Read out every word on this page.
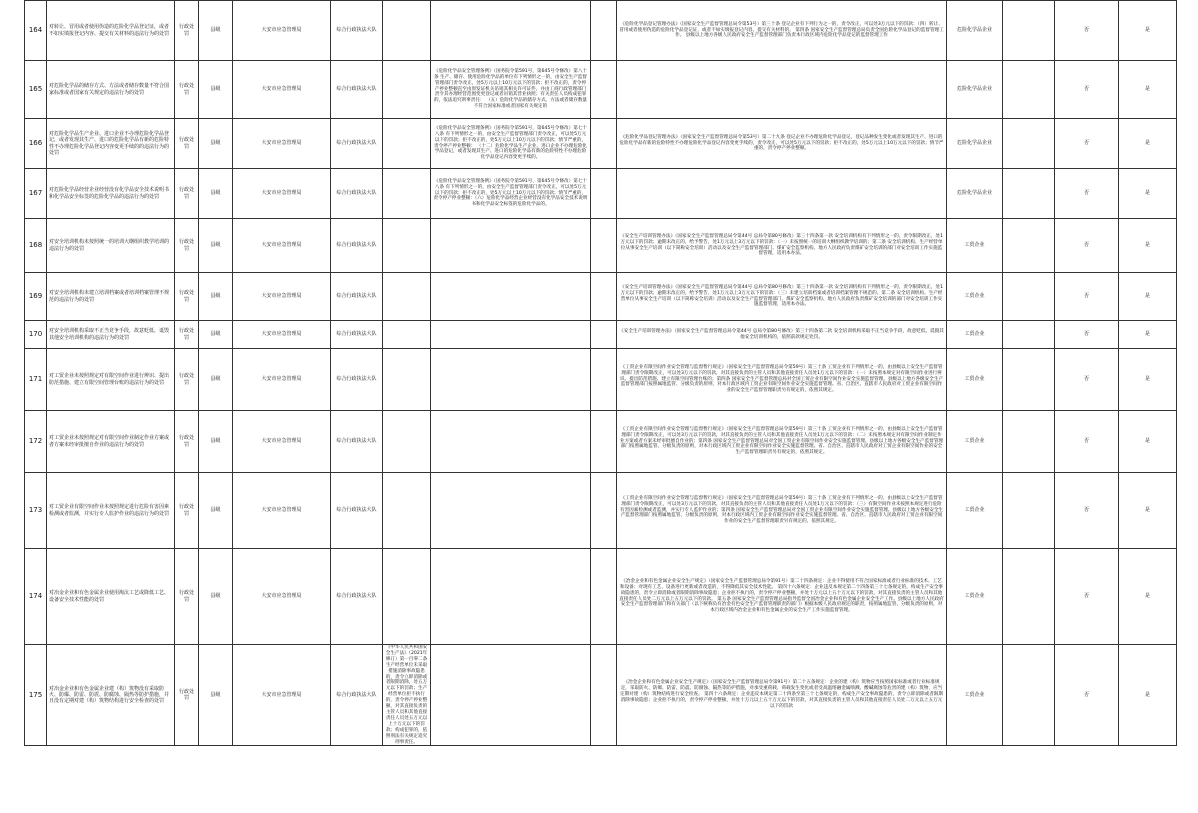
164	对转让、冒用或者使用伪造的危险化学品登记证，或者不如实填报登记内容、提交有关材料的违法行为的处罚	行政处罚	县级	大安市应急管理局	综合行政执法大队				《危险化学品登记管理办法》（国家安全生产监督管理总局令第53号）第三十条 登记企业有下列行为之一的，责令改正，可以处3万元以下的罚款：（四）转让、冒用或者使用伪造的危险化学品登记证，或者不如实填报登记内容、提交有关材料的。 第四条 国家安全生产监督管理总局负责全国危险化学品登记的监督管理工作。 县级以上地方各级人民政府安全生产监督管理部门负责本行政区域内危险化学品登记的监督管理工作	危险化学品企业		否	是
165	对危险化学品的储存方式、方法或者储存数量不符合国家标准或者国家有关规定的违法行为的处罚	行政处罚	县级	大安市应急管理局	综合行政执法大队		《危险化学品安全管理条例》（国务院令第591号，第645号令修改）第八十条 生产、储存、使用危险化学品的单位有下列情形之一的，由安全生产监督管理部门责令改正，处5万元以上10万元以下的罚款；拒不改正的，责令停产停业整顿直至由原发证机关吊销其相关许可证件，并由工商行政管理部门责令其办理经营范围变更登记或者吊销其营业执照；有关责任人员构成犯罪的，依法追究刑事责任： （五）危险化学品的储存方式、方法或者储存数量不符合国家标准或者国家有关规定的			危险化学品企业		否	是
166	对危险化学品生产企业、进口企业不办理危险化学品登记，或者发现其生产、进口的危险化学品有新的危险特性不办理危险化学品登记内容变更手续的的违法行为的处罚	行政处罚	县级	大安市应急管理局	综合行政执法大队		《危险化学品安全管理条例》（国务院令第591号，第645号令修改）第七十八条 有下列情形之一的，由安全生产监督管理部门责令改正，可以处5万元以下的罚款；拒不改正的，处5万元以上10万元以下的罚款；情节严重的，责令停产停业整顿： （十二）危险化学品生产企业、进口企业不办理危险化学品登记，或者发现其生产、进口的危险化学品有新的危险特性不办理危险化学品登记内容变更手续的。		《危险化学品登记管理办法》（国家安全生产监督管理总局令第53号）第二十九条 登记企业不办理危险化学品登记，登记品种发生变化或者发现其生产、进口的危险化学品有新的危险特性不办理危险化学品登记内容变更手续的，责令改正，可以处5万元以下的罚款；拒不改正的，处5万元以上10万元以下的罚款；情节严重的，责令停产停业整顿。	危险化学品企业		否	是
167	对危险化学品经营企业经营没有化学品安全技术说明书和化学品安全标签的危险化学品的违法行为的处罚	行政处罚	县级	大安市应急管理局	综合行政执法大队		《危险化学品安全管理条例》（国务院令第591号，第645号令修改）第七十八条 有下列情形之一的，由安全生产监督管理部门责令改正，可以处5万元以下的罚款；拒不改正的，处5万元以上10万元以下的罚款；情节严重的，责令停产停业整顿：（六）危险化学品经营企业经营没有化学品安全技术说明书和化学品安全标签的危险化学品的。			危险化学品企业		否	是
168	对安全培训机构未按照统一的培训大纲组织教学培训的违法行为的处罚	行政处罚	县级	大安市应急管理局	综合行政执法大队				《安全生产培训管理办法》（国家安全生产监督管理总局令第44号 总局令第80号修改）第三十四条第一款 安全培训机构有下列情形之一的，责令限期改正，处1万元以下的罚款；逾期未改正的，给予警告，处1万元以上3万元以下的罚款：（一）未按照统一的培训大纲组织教学培训的；第二条 安全培训机构、生产经营单位从事安全生产培训（以下简称安全培训）活动以及安全生产监督管理部门、煤矿安全监察机构、地方人民政府负责煤矿安全培训的部门对安全培训工作实施监督管理，适用本办法。	工贸企业		否	是
169	对安全培训机构未建立培训档案或者培训档案管理不规范的违法行为的处罚	行政处罚	县级	大安市应急管理局	综合行政执法大队				《安全生产培训管理办法》（国家安全生产监督管理总局令第44号 总局令第80号修改）第三十四条第一款 安全培训机构有下列情形之一的，责令限期改正，处1万元以下的罚款；逾期未改正的，给予警告，处1万元以上3万元以下的罚款：（三）未建立培训档案或者培训档案管理不规范的。第二条 安全培训机构、生产经营单位从事安全生产培训（以下简称安全培训）活动以及安全生产监督管理部门、煤矿安全监察机构、地方人民政府负责煤矿安全培训的部门对安全培训工作实施监督管理，适用本办法。	工贸企业		否	是
170	对安全培训机构采取不正当竞争手段，故意贬低、诋毁其他安全培训机构的违法行为的处罚	行政处罚	县级	大安市应急管理局	综合行政执法大队				《安全生产培训管理办法》（国家安全生产监督管理总局令第44号 总局令第80号修改）第三十四条第二款 安全培训机构采取不正当竞争手段，故意贬低、诋毁其他安全培训机构的，依照前款规定处罚。	工贸企业		否	是
171	对工贸企业未按照规定对有限空间作业进行辨识、提出防范措施、建立有限空间管理台账的违法行为的处罚	行政处罚	县级	大安市应急管理局	综合行政执法大队				《工贸企业有限空间作业安全管理与监督暂行规定》（国家安全生产监督管理总局令第59号）第三十条 工贸企业有下列情形之一的，由县级以上安全生产监督管理部门责令限期改正，可以处3万元以下的罚款，对其直接负责的主管人员和其他直接责任人员处1万元以下的罚款：（一）未按照本规定对有限空间作业进行辨识、提出防范措施、建立有限空间管理台账的；第四条 国家安全生产监督管理总局对全国工贸企业有限空间作业安全实施监督管理。县级以上地方各级安全生产监督管理部门按照属地监管、分级负责的原则，对本行政区域内工贸企业有限空间作业安全实施监督管理。省、自治区、直辖市人民政府对工贸企业有限空间作业的安全生产监督管理职责另有规定的，依照其规定。	工贸企业		否	是
172	对工贸企业未按照规定对有限空间作业制定作业方案或者方案未经审批擅自作业的违法行为的处罚	行政处罚	县级	大安市应急管理局	综合行政执法大队				《工贸企业有限空间作业安全管理与监督暂行规定》（国家安全生产监督管理总局令第59号）第三十条 工贸企业有下列情形之一的，由县级以上安全生产监督管理部门责令限期改正，可以处3万元以下的罚款，对其直接负责的主管人员和其他直接责任人员处1万元以下的罚款：（二）未按照本规定对有限空间作业制定作业方案或者方案未经审批擅自作业的；第四条 国家安全生产监督管理总局对全国工贸企业有限空间作业安全实施监督管理。县级以上地方各级安全生产监督管理部门按照属地监管、分级负责的原则，对本行政区域内工贸企业有限空间作业安全实施监督管理。省、自治区、直辖市人民政府对工贸企业有限空间作业的安全生产监督管理职责另有规定的，依照其规定。	工贸企业		否	是
173	对工贸企业有限空间作业未按照规定进行危险有害因素检测或者监测，并实行专人监护作业的违法行为的处罚	行政处罚	县级	大安市应急管理局	综合行政执法大队				《工贸企业有限空间作业安全管理与监督暂行规定》（国家安全生产监督管理总局令第59号）第三十条 工贸企业有下列情形之一的，由县级以上安全生产监督管理部门责令限期改正，可以处3万元以下的罚款，对其直接负责的主管人员和其他直接责任人员处1万元以下的罚款：（三）有限空间作业未按照本规定进行危险有害因素检测或者监测，并实行专人监护作业的；第四条 国家安全生产监督管理总局对全国工贸企业有限空间作业安全实施监督管理。县级以上地方各级安全生产监督管理部门按照属地监管、分级负责的原则，对本行政区域内工贸企业有限空间作业安全实施监督管理。省、自治区、直辖市人民政府对工贸企业有限空间作业的安全生产监督管理职责另有规定的，依照其规定。	工贸企业		否	是
174	对冶金企业和有色金属企业使用淘汰工艺或降低工艺、设备安全技术性能的处罚	行政处罚	县级	大安市应急管理局	综合行政执法大队				《冶金企业和有色金属企业安全生产规定》（国家安全生产监督管理总局令第91号）第二十四条规定：企业不得使用不符合国家标准或者行业标准的技术、工艺和设备；对现有工艺、设备进行更新或者改造的，不得降低其安全技术性能。 第四十六条规定：企业违反本规定第二十四条第三十七条规定的，构成生产安全事故隐患的，责令立即消除或者限期消除事故隐患；企业拒不执行的，责令停产停业整顿，并处十万元以上五十万元以下的罚款，对其直接负责的主管人员和其他直接责任人员处二万元以上五万元以下的罚款。 第五条 国家安全生产监督管理总局指导监督全国冶金企业和有色金属企业安全生产工作。县级以上地方人民政府安全生产监督管理部门和有关部门（以下统称负有冶金有色安全生产监督管理职责的部门）根据本级人民政府规定的职责，按照属地监管、分级负责的原则，对本行政区域内冶金企业和有色金属企业的安全生产工作实施监督管理。	工贸企业		否	是
175	对冶金企业和有色金属企业建（构）筑物没有采取防火、防爆、防雷、防震、防腐蚀、隔热等防护措施，并且没有定期对建（构）筑物结构进行安全检查的处罚	行政处罚	县级	大安市应急管理局	综合行政执法大队	《中华人民共和国安全生产法》（2021年修订）第一百零二条 生产经营单位未采取措施消除事故隐患的，责令立即消除或者限期消除，处五万元以下的罚款；生产经营单位拒不执行的，责令停产停业整顿，对其直接负责的主管人员和其他直接责任人员处五万元以上十万元以下的罚款；构成犯罪的，依照刑法有关规定追究刑事责任。			《冶金企业和有色金属企业安全生产规定》（国家安全生产监督管理总局令第91号）第二十五条规定：企业的建（构）筑物应当按照国家标准或者行业标准规定，采取防火、防爆、防雷、防震、防腐蚀、隔热等防护措施，对承受重荷载、荷载发生变化或者受高温熔融金属喷溅、酸碱腐蚀等危害的建（构）筑物，应当定期对建（构）筑物结构进行安全检查。 第四十六条规定：企业违反本规定第二十四条至第三十七条规定的，构成生产安全事故隐患的，责令立即消除或者限期消除事故隐患；企业拒不执行的，责令停产停业整顿，并处十万元以上五十万元以下的罚款，对其直接负责的主管人员和其他直接责任人员处二万元以上五万元以下的罚款	工贸企业		否	是
